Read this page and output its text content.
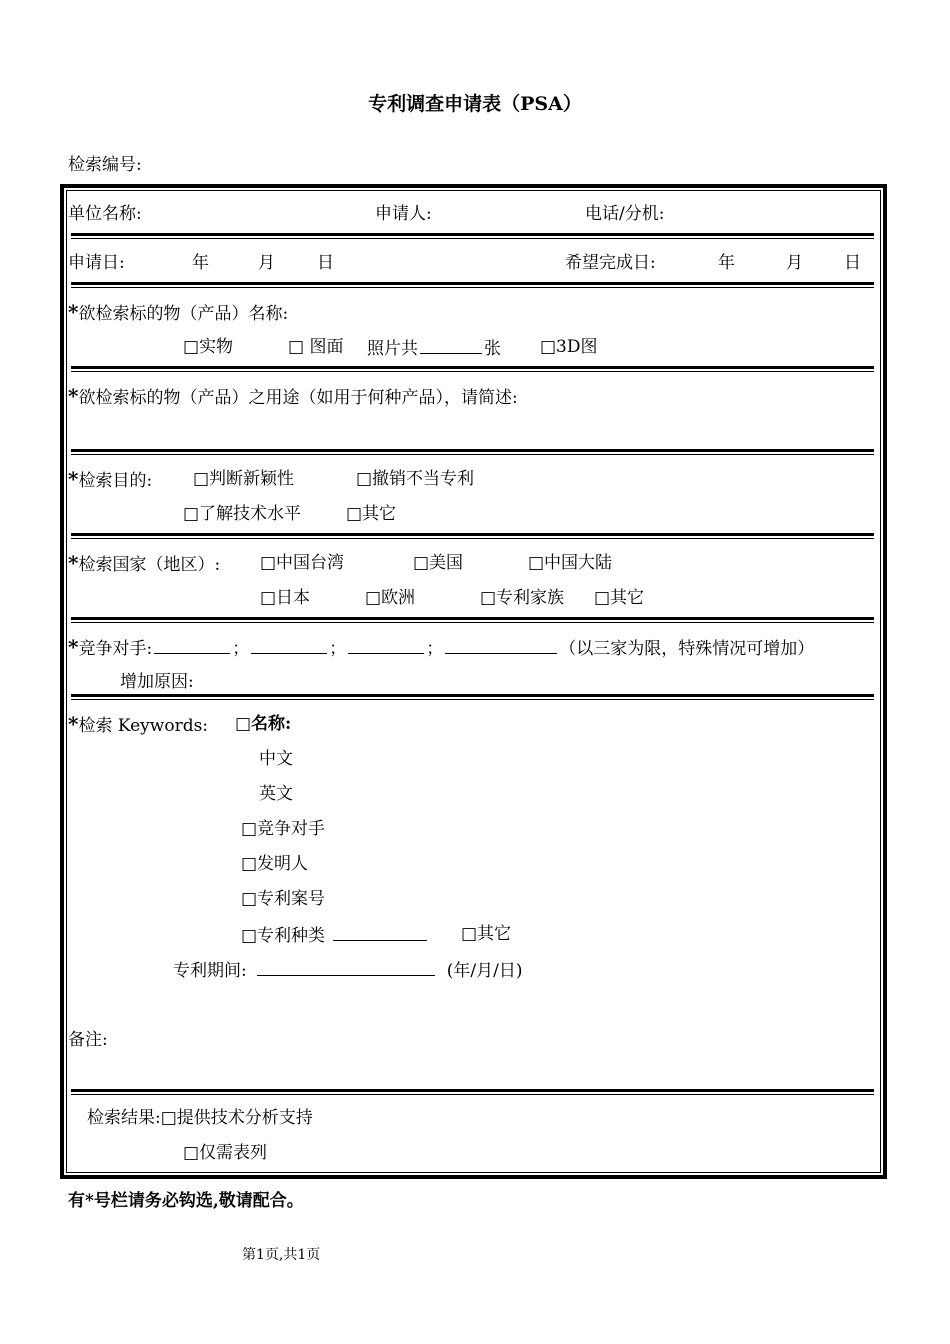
专利调查申请表（PSA）
检索编号:
单位名称:	申请人:	电话/分机:
申请日:	年	月 日	希望完成日:	年	月 日
*欲检索标的物（产品）名称:
□实物	□ 图面 照片共	张 □3D图
*欲检索标的物（产品）之用途（如用于何种产品），请简述:
*检索目的: □判断新颖性	□撤销不当专利
□了解技术水平	□其它
*检索国家（地区）: □中国台湾	□美国	□中国大陆
□日本	□欧洲	□专利家族 □其它
*竞争对手:	；	；	；	（以三家为限，特殊情况可增加）
增加原因:
*检索 Keywords: □名称:
中文
英文
□竞争对手
□发明人
□专利案号
□专利种类	□其它
专利期间:	(年/月/日)
备注:
检索结果:□提供技术分析支持
□仅需表列
有*号栏请务必钩选,敬请配合。
第1页,共1页
